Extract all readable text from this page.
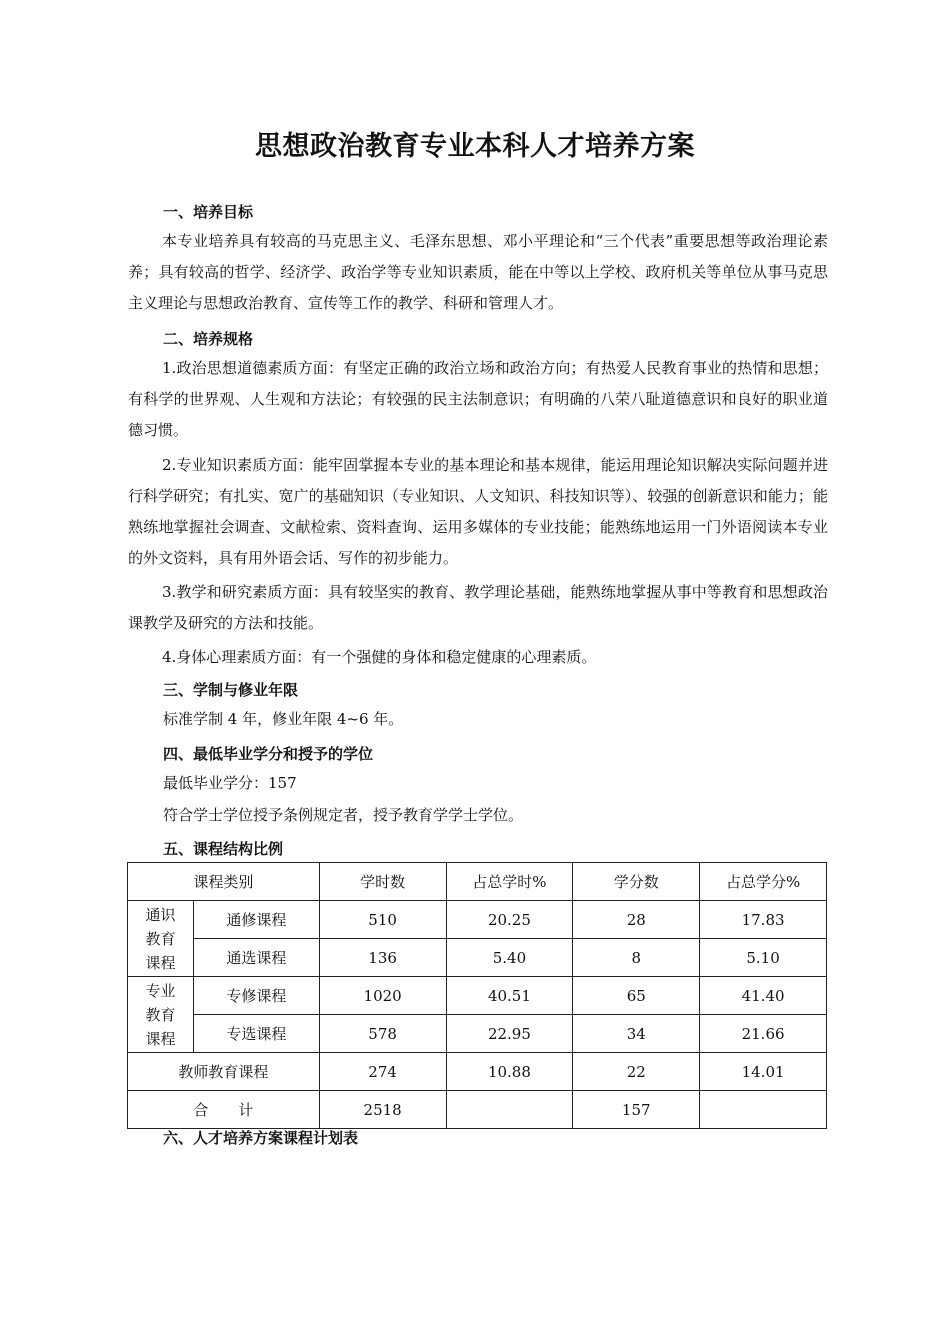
思想政治教育专业本科人才培养方案
一、培养目标
本专业培养具有较高的马克思主义、毛泽东思想、邓小平理论和“三个代表”重要思想等政治理论素养；具有较高的哲学、经济学、政治学等专业知识素质，能在中等以上学校、政府机关等单位从事马克思主义理论与思想政治教育、宣传等工作的教学、科研和管理人才。
二、培养规格
1.政治思想道德素质方面：有坚定正确的政治立场和政治方向；有热爱人民教育事业的热情和思想；有科学的世界观、人生观和方法论；有较强的民主法制意识；有明确的八荣八耻道德意识和良好的职业道德习惯。
2.专业知识素质方面：能牢固掌握本专业的基本理论和基本规律，能运用理论知识解决实际问题并进行科学研究；有扎实、宽广的基础知识（专业知识、人文知识、科技知识等）、较强的创新意识和能力；能熟练地掌握社会调查、文献检索、资料查询、运用多媒体的专业技能；能熟练地运用一门外语阅读本专业的外文资料，具有用外语会话、写作的初步能力。
3.教学和研究素质方面：具有较坚实的教育、教学理论基础，能熟练地掌握从事中等教育和思想政治课教学及研究的方法和技能。
4.身体心理素质方面：有一个强健的身体和稳定健康的心理素质。
三、学制与修业年限
标准学制 4 年，修业年限 4~6 年。
四、最低毕业学分和授予的学位
最低毕业学分：157
符合学士学位授予条例规定者，授予教育学学士学位。
五、课程结构比例
课程类别		学时数	占总学时%	学分数	占总学分%
通识教育课程	通修课程	510	20.25	28	17.83
	通选课程	136	5.40	8	5.10
专业教育课程	专修课程	1020	40.51	65	41.40
	专选课程	578	22.95	34	21.66
教师教育课程		274	10.88	22	14.01
合　　计		2518		157	
六、人才培养方案课程计划表
